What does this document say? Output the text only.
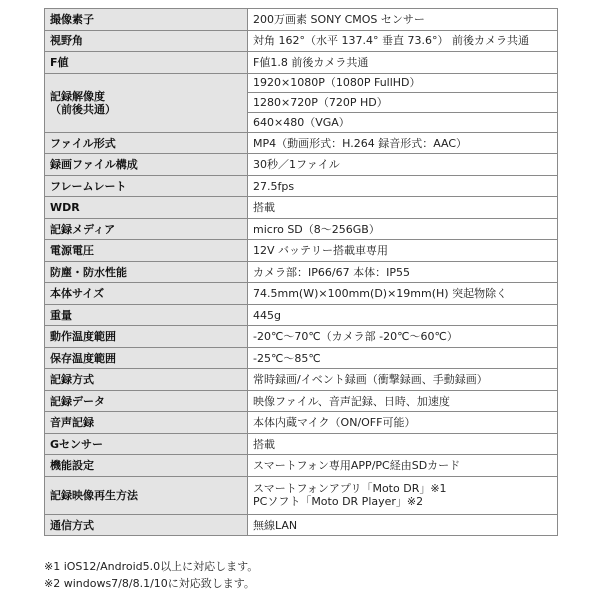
撮像素子	200万画素 SONY CMOS センサー
視野角	対角 162°（水平 137.4° 垂直 73.6°） 前後カメラ共通
F値	F値1.8 前後カメラ共通
記録解像度
（前後共通）	1920×1080P（1080P FullHD）
	1280×720P（720P HD）
	640×480（VGA）
ファイル形式	MP4（動画形式：H.264 録音形式：AAC）
録画ファイル構成	30秒／1ファイル
フレームレート	27.5fps
WDR	搭載
記録メディア	micro SD（8〜256GB）
電源電圧	12V バッテリー搭載車専用
防塵・防水性能	カメラ部：IP66/67 本体：IP55
本体サイズ	74.5mm(W)×100mm(D)×19mm(H) 突起物除く
重量	445g
動作温度範囲	-20℃〜70℃（カメラ部 -20℃〜60℃）
保存温度範囲	-25℃〜85℃
記録方式	常時録画/イベント録画（衝撃録画、手動録画）
記録データ	映像ファイル、音声記録、日時、加速度
音声記録	本体内蔵マイク（ON/OFF可能）
Gセンサー	搭載
機能設定	スマートフォン専用APP/PC経由SDカード
記録映像再生方法	スマートフォンアプリ「Moto DR」※1
PCソフト「Moto DR Player」※2
通信方式	無線LAN
※1 iOS12/Android5.0以上に対応します。
※2 windows7/8/8.1/10に対応致します。
